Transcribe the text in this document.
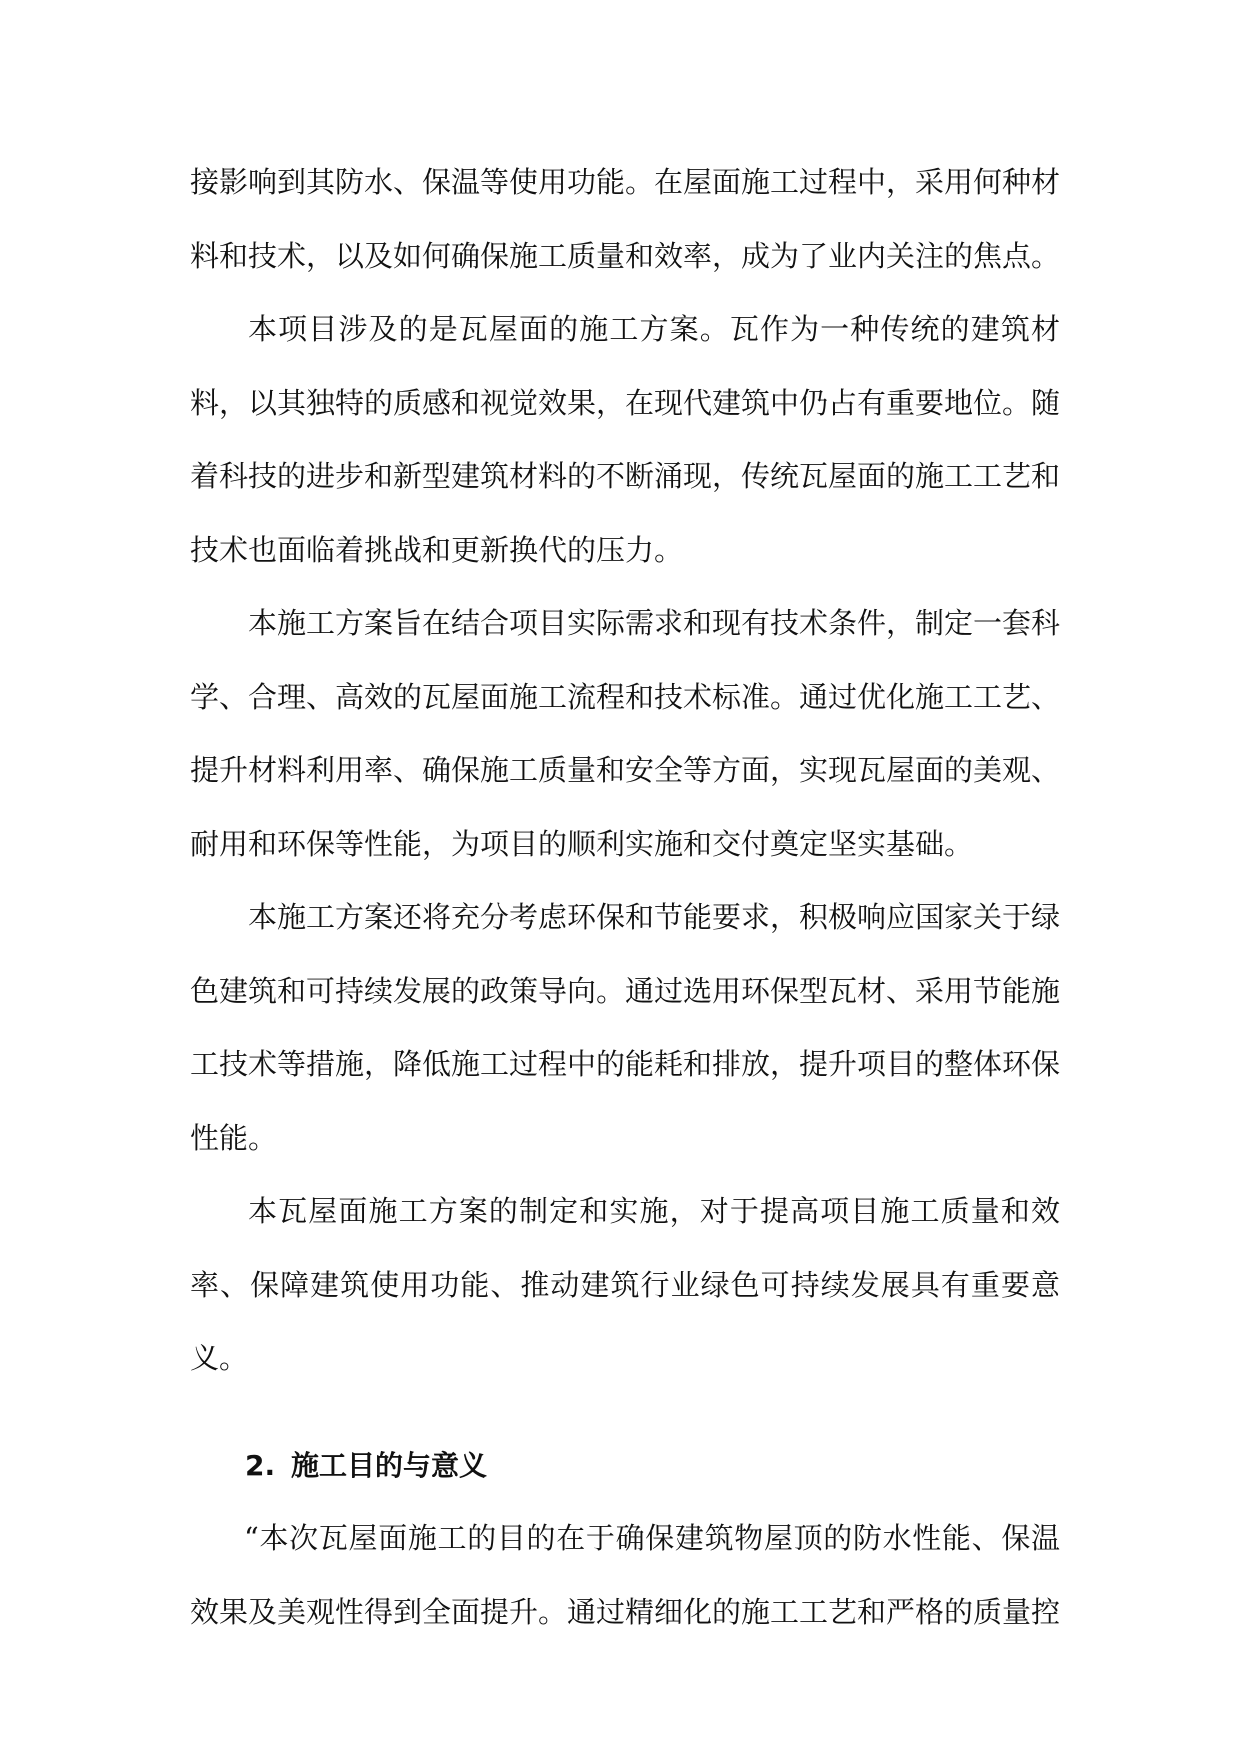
接影响到其防水、保温等使用功能。在屋面施工过程中，采用何种材料和技术，以及如何确保施工质量和效率，成为了业内关注的焦点。

本项目涉及的是瓦屋面的施工方案。瓦作为一种传统的建筑材料，以其独特的质感和视觉效果，在现代建筑中仍占有重要地位。随着科技的进步和新型建筑材料的不断涌现，传统瓦屋面的施工工艺和技术也面临着挑战和更新换代的压力。

本施工方案旨在结合项目实际需求和现有技术条件，制定一套科学、合理、高效的瓦屋面施工流程和技术标准。通过优化施工工艺、提升材料利用率、确保施工质量和安全等方面，实现瓦屋面的美观、耐用和环保等性能，为项目的顺利实施和交付奠定坚实基础。

本施工方案还将充分考虑环保和节能要求，积极响应国家关于绿色建筑和可持续发展的政策导向。通过选用环保型瓦材、采用节能施工技术等措施，降低施工过程中的能耗和排放，提升项目的整体环保性能。

本瓦屋面施工方案的制定和实施，对于提高项目施工质量和效率、保障建筑使用功能、推动建筑行业绿色可持续发展具有重要意义。

2. 施工目的与意义

“本次瓦屋面施工的目的在于确保建筑物屋顶的防水性能、保温效果及美观性得到全面提升。通过精细化的施工工艺和严格的质量控
